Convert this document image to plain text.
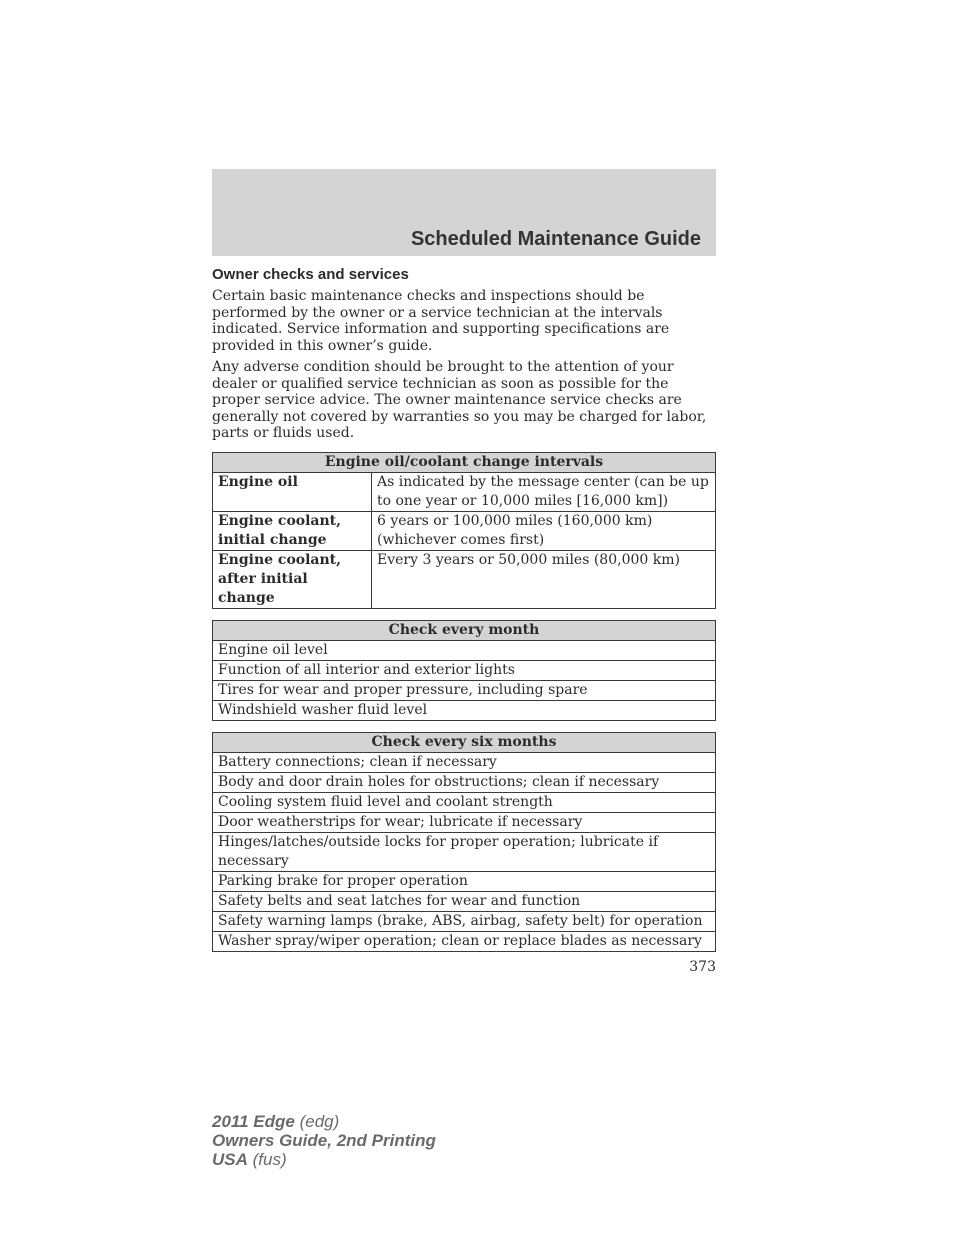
Scheduled Maintenance Guide
Owner checks and services

Certain basic maintenance checks and inspections should be performed by the owner or a service technician at the intervals indicated. Service information and supporting specifications are provided in this owner’s guide.

Any adverse condition should be brought to the attention of your dealer or qualified service technician as soon as possible for the proper service advice. The owner maintenance service checks are generally not covered by warranties so you may be charged for labor, parts or fluids used.

Engine oil/coolant change intervals	
Engine oil	As indicated by the message center (can be up to one year or 10,000 miles [16,000 km])
Engine coolant, initial change	6 years or 100,000 miles (160,000 km) (whichever comes first)
Engine coolant, after initial change	Every 3 years or 50,000 miles (80,000 km)
Check every month
Engine oil level
Function of all interior and exterior lights
Tires for wear and proper pressure, including spare
Windshield washer fluid level
Check every six months
Battery connections; clean if necessary
Body and door drain holes for obstructions; clean if necessary
Cooling system fluid level and coolant strength
Door weatherstrips for wear; lubricate if necessary
Hinges/latches/outside locks for proper operation; lubricate if necessary
Parking brake for proper operation
Safety belts and seat latches for wear and function
Safety warning lamps (brake, ABS, airbag, safety belt) for operation
Washer spray/wiper operation; clean or replace blades as necessary
373
2011 Edge (edg)
Owners Guide, 2nd Printing
USA (fus)
